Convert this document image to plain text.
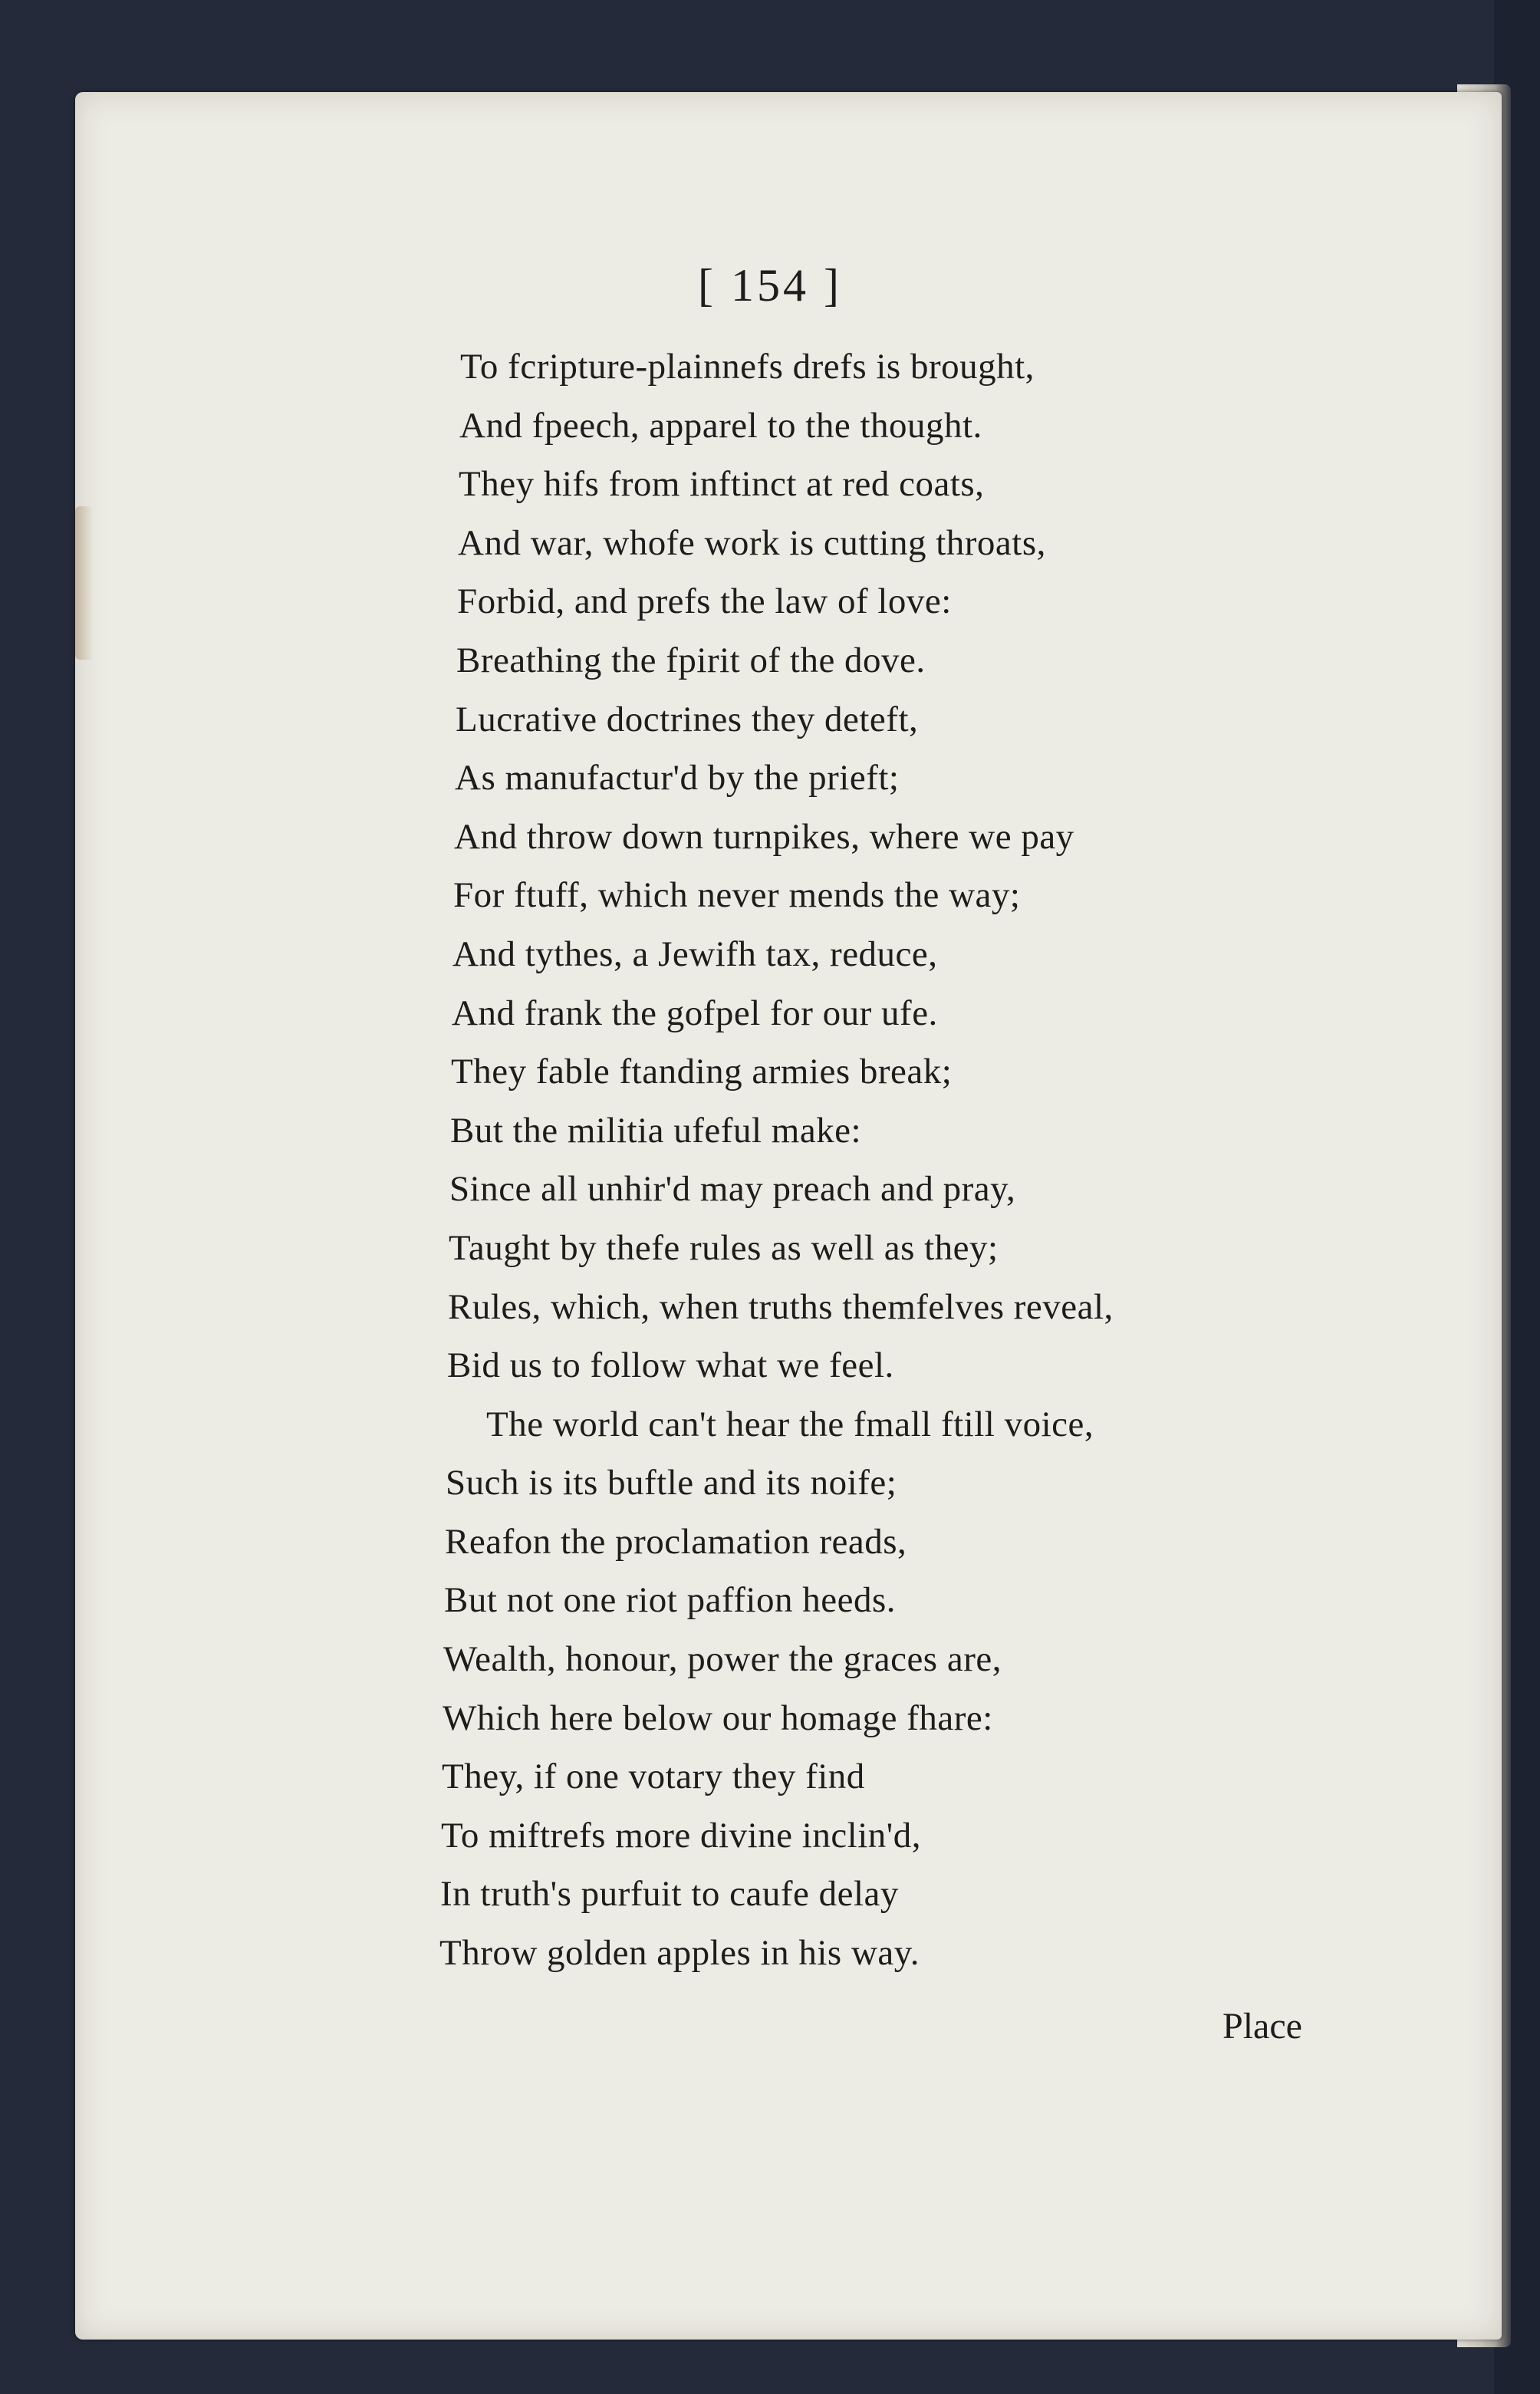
[ 154 ]

To fcripture-plainnefs drefs is brought,
And fpeech, apparel to the thought.
They hifs from inftinct at red coats,
And war, whofe work is cutting throats,
Forbid, and prefs the law of love:
Breathing the fpirit of the dove.
Lucrative doctrines they deteft,
As manufactur'd by the prieft;
And throw down turnpikes, where we pay
For ftuff, which never mends the way;
And tythes, a Jewifh tax, reduce,
And frank the gofpel for our ufe.
They fable ftanding armies break;
But the militia ufeful make:
Since all unhir'd may preach and pray,
Taught by thefe rules as well as they;
Rules, which, when truths themfelves reveal,
Bid us to follow what we feel.
The world can't hear the fmall ftill voice,
Such is its buftle and its noife;
Reafon the proclamation reads,
But not one riot paffion heeds.
Wealth, honour, power the graces are,
Which here below our homage fhare:
They, if one votary they find
To miftrefs more divine inclin'd,
In truth's purfuit to caufe delay
Throw golden apples in his way.
Place
